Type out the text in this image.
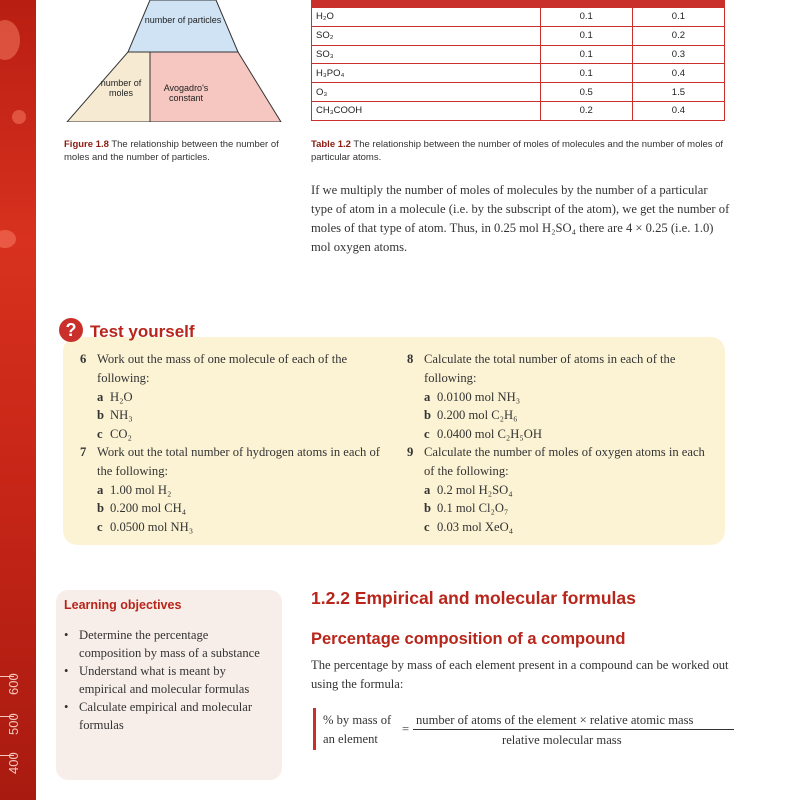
600
500
400
number of particles
number of moles	Avogadro's constant
Figure 1.8 The relationship between the number of moles and the number of particles.

H₂O	0.1	0.1
SO₂	0.1	0.2
SO₃	0.1	0.3
H₃PO₄	0.1	0.4
O₃	0.5	1.5
CH₃COOH	0.2	0.4
Table 1.2 The relationship between the number of moles of molecules and the number of moles of particular atoms.

If we multiply the number of moles of molecules by the number of a particular type of atom in a molecule (i.e. by the subscript of the atom), we get the number of moles of that type of atom. Thus, in 0.25 mol H₂SO₄ there are 4 × 0.25 (i.e. 1.0) mol oxygen atoms.

? Test yourself
6 Work out the mass of one molecule of each of the following:
a H₂O
b NH₃
c CO₂
7 Work out the total number of hydrogen atoms in each of the following:
a 1.00 mol H₂
b 0.200 mol CH₄
c 0.0500 mol NH₃
8 Calculate the total number of atoms in each of the following:
a 0.0100 mol NH₃
b 0.200 mol C₂H₆
c 0.0400 mol C₂H₅OH
9 Calculate the number of moles of oxygen atoms in each of the following:
a 0.2 mol H₂SO₄
b 0.1 mol Cl₂O₇
c 0.03 mol XeO₄
Learning objectives
• Determine the percentage composition by mass of a substance
• Understand what is meant by empirical and molecular formulas
• Calculate empirical and molecular formulas
1.2.2 Empirical and molecular formulas
Percentage composition of a compound

The percentage by mass of each element present in a compound can be worked out using the formula:

% by mass of
an element
=
number of atoms of the element × relative atomic mass
relative molecular mass
